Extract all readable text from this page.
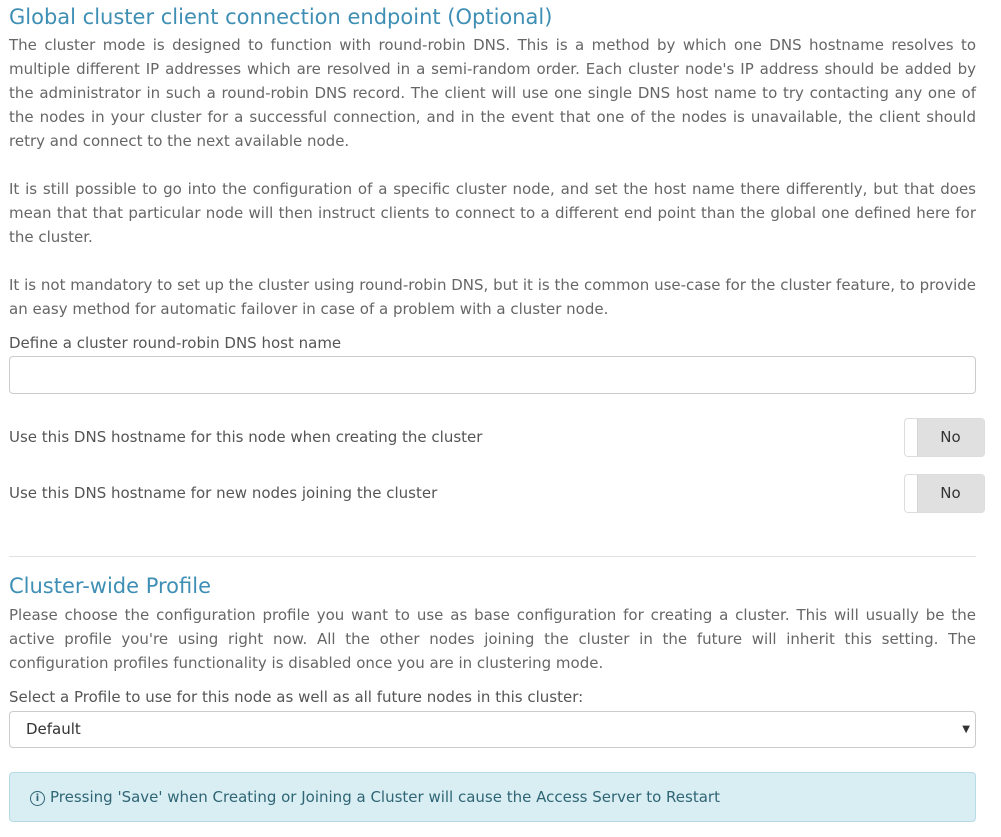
Global cluster client connection endpoint (Optional)

The cluster mode is designed to function with round-robin DNS. This is a method by which one DNS hostname resolves to multiple different IP addresses which are resolved in a semi-random order. Each cluster node's IP address should be added by the administrator in such a round-robin DNS record. The client will use one single DNS host name to try contacting any one of the nodes in your cluster for a successful connection, and in the event that one of the nodes is unavailable, the client should retry and connect to the next available node.

It is still possible to go into the configuration of a specific cluster node, and set the host name there differently, but that does mean that that particular node will then instruct clients to connect to a different end point than the global one defined here for the cluster.

It is not mandatory to set up the cluster using round-robin DNS, but it is the common use-case for the cluster feature, to provide an easy method for automatic failover in case of a problem with a cluster node.

Define a cluster round-robin DNS host name
Use this DNS hostname for this node when creating the cluster	No
Use this DNS hostname for new nodes joining the cluster	No
Cluster-wide Profile

Please choose the configuration profile you want to use as base configuration for creating a cluster. This will usually be the active profile you're using right now. All the other nodes joining the cluster in the future will inherit this setting. The configuration profiles functionality is disabled once you are in clustering mode.

Select a Profile to use for this node as well as all future nodes in this cluster:
Default	▼
i Pressing 'Save' when Creating or Joining a Cluster will cause the Access Server to Restart
